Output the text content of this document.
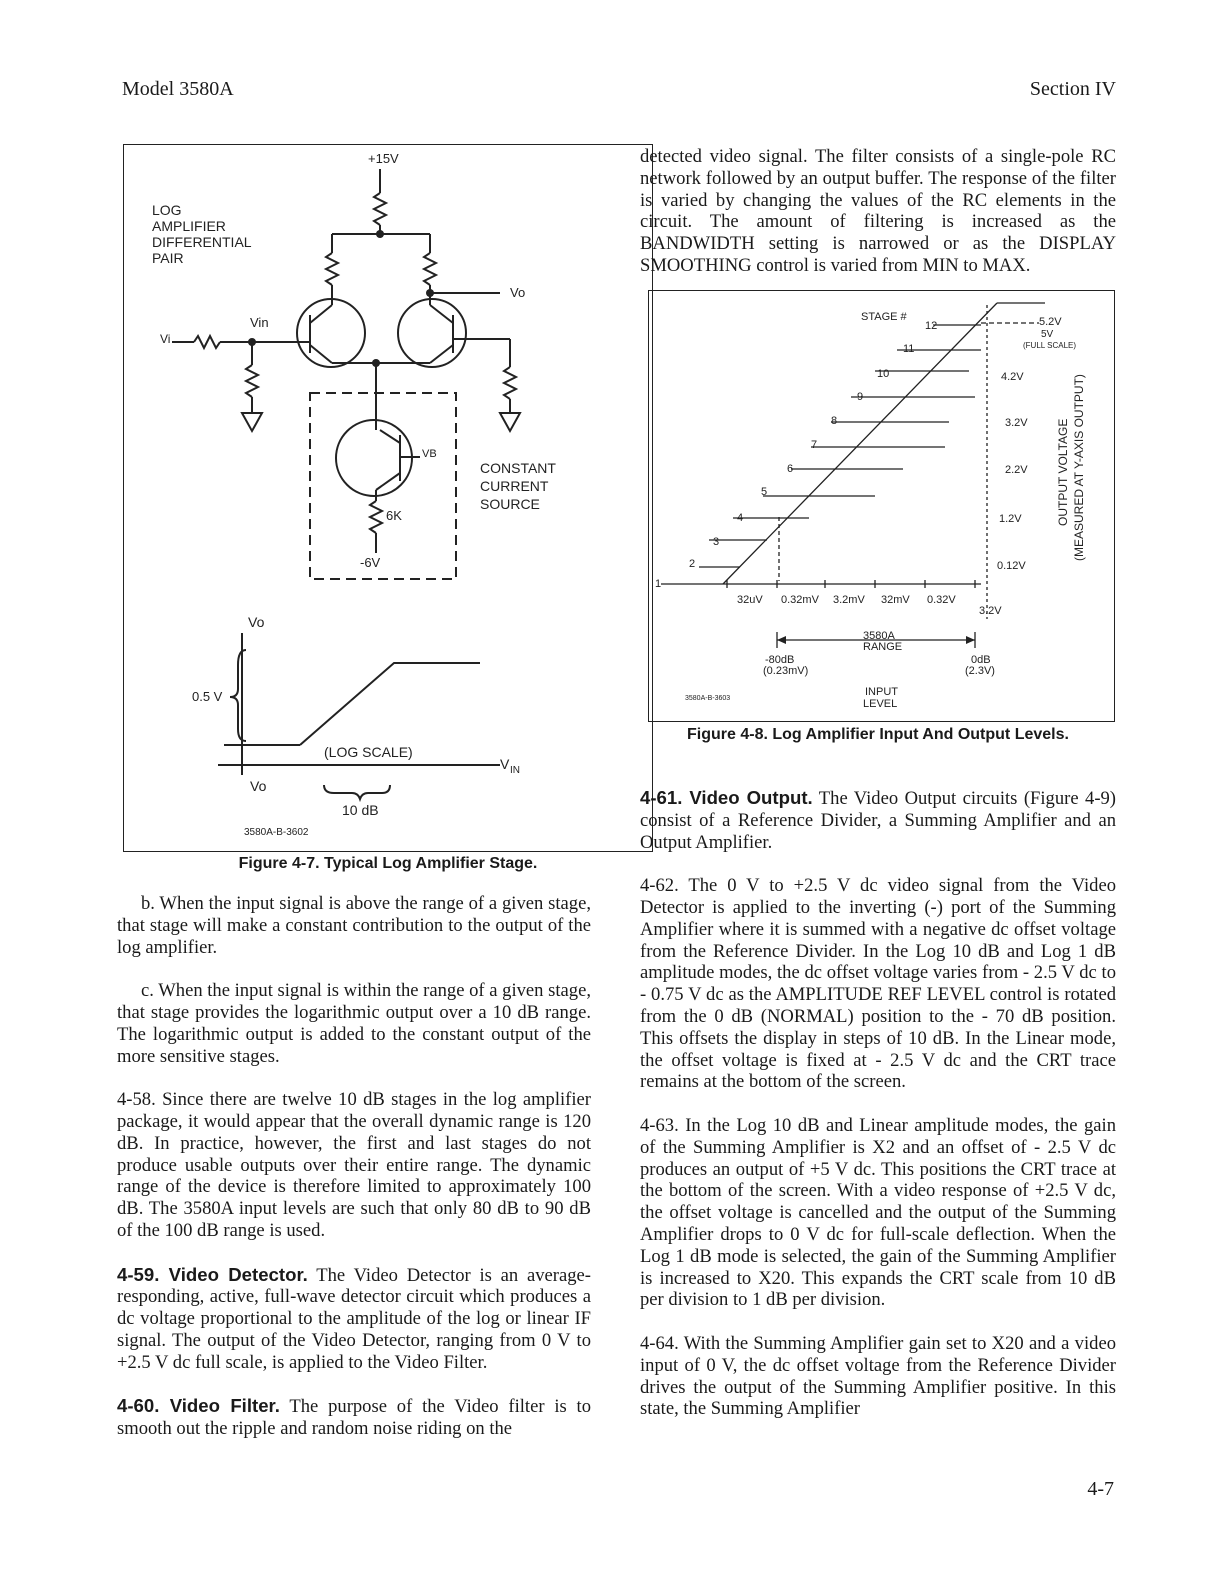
Model 3580A	Section IV
+15V
LOG
AMPLIFIER
DIFFERENTIAL
PAIR
Vo
Vin
Vi
VB
CONSTANT
CURRENT
SOURCE
6K
-6V
Vo
0.5 V
(LOG SCALE)
V IN
Vo
10 dB
3580A-B-3602
Figure 4-7. Typical Log Amplifier Stage.
STAGE #
1
2
3
4
5
6
7
8
9
10
11
12	5.2V
5V
(FULL SCALE)
4.2V
3.2V
2.2V
1.2V
0.12V
32uV 0.32mV 3.2mV 32mV 0.32V
3.2V
3580A
RANGE
-80dB
(0.23mV)
0dB
(2.3V)
INPUT
LEVEL
3580A-B-3603
OUTPUT VOLTAGE (MEASURED AT Y-AXIS OUTPUT)
Figure 4-8. Log Amplifier Input And Output Levels.

b. When the input signal is above the range of a given stage, that stage will make a constant contribution to the output of the log amplifier.

c. When the input signal is within the range of a given stage, that stage provides the logarithmic output over a 10 dB range. The logarithmic output is added to the constant output of the more sensitive stages.

4-58. Since there are twelve 10 dB stages in the log amplifier package, it would appear that the overall dynamic range is 120 dB. In practice, however, the first and last stages do not produce usable outputs over their entire range. The dynamic range of the device is therefore limited to approximately 100 dB. The 3580A input levels are such that only 80 dB to 90 dB of the 100 dB range is used.

4-59. Video Detector. The Video Detector is an average-responding, active, full-wave detector circuit which produces a dc voltage proportional to the amplitude of the log or linear IF signal. The output of the Video Detector, ranging from 0 V to +2.5 V dc full scale, is applied to the Video Filter.

4-60. Video Filter. The purpose of the Video filter is to smooth out the ripple and random noise riding on the

detected video signal. The filter consists of a single-pole RC network followed by an output buffer. The response of the filter is varied by changing the values of the RC elements in the circuit. The amount of filtering is increased as the BANDWIDTH setting is narrowed or as the DISPLAY SMOOTHING control is varied from MIN to MAX.

4-61. Video Output. The Video Output circuits (Figure 4-9) consist of a Reference Divider, a Summing Amplifier and an Output Amplifier.

4-62. The 0 V to +2.5 V dc video signal from the Video Detector is applied to the inverting (-) port of the Summing Amplifier where it is summed with a negative dc offset voltage from the Reference Divider. In the Log 10 dB and Log 1 dB amplitude modes, the dc offset voltage varies from - 2.5 V dc to - 0.75 V dc as the AMPLITUDE REF LEVEL control is rotated from the 0 dB (NORMAL) position to the - 70 dB position. This offsets the display in steps of 10 dB. In the Linear mode, the offset voltage is fixed at - 2.5 V dc and the CRT trace remains at the bottom of the screen.

4-63. In the Log 10 dB and Linear amplitude modes, the gain of the Summing Amplifier is X2 and an offset of - 2.5 V dc produces an output of +5 V dc. This positions the CRT trace at the bottom of the screen. With a video response of +2.5 V dc, the offset voltage is cancelled and the output of the Summing Amplifier drops to 0 V dc for full-scale deflection. When the Log 1 dB mode is selected, the gain of the Summing Amplifier is increased to X20. This expands the CRT scale from 10 dB per division to 1 dB per division.

4-64. With the Summing Amplifier gain set to X20 and a video input of 0 V, the dc offset voltage from the Reference Divider drives the output of the Summing Amplifier positive. In this state, the Summing Amplifier

4-7
